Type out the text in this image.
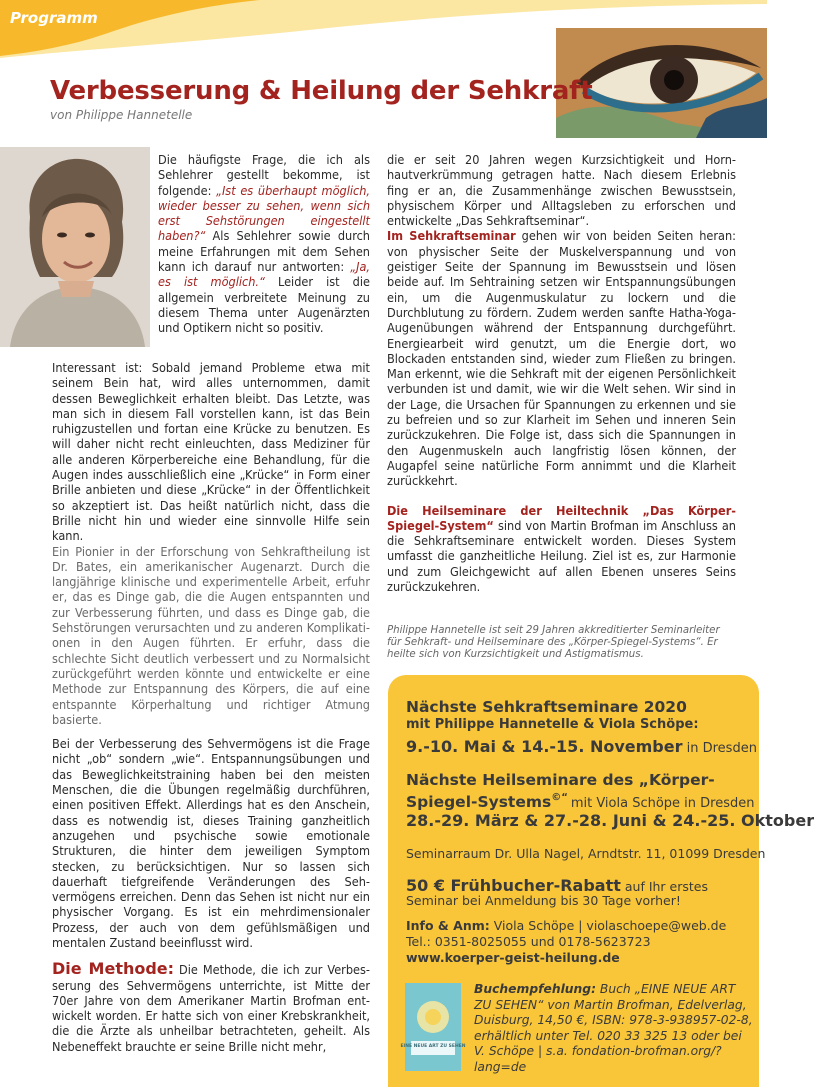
Programm
Verbesserung & Heilung der Sehkraft
von Philippe Hannetelle

Die häufigste Frage, die ich als Sehlehrer gestellt bekomme, ist folgende: „Ist es überhaupt möglich, wieder besser zu sehen, wenn sich erst Sehstörungen eingestellt haben?“ Als Sehlehrer sowie durch meine Erfahrungen mit dem Sehen kann ich darauf nur antworten: „Ja, es ist möglich.“ Leider ist die allgemein verbreitete Meinung zu diesem Thema unter Augenärzten und Optikern nicht so positiv.

Interessant ist: Sobald jemand Probleme etwa mit seinem Bein hat, wird alles unternommen, damit dessen Beweglichkeit erhalten bleibt. Das Letzte, was man sich in diesem Fall vorstellen kann, ist das Bein ruhigzustellen und fortan eine Krücke zu benutzen. Es will daher nicht recht einleuchten, dass Mediziner für alle anderen Körperbereiche eine Behandlung, für die Augen indes ausschließlich eine „Krücke“ in Form einer Brille anbieten und diese „Krücke“ in der Öffentlichkeit so akzeptiert ist. Das heißt natürlich nicht, dass die Brille nicht hin und wieder eine sinnvolle Hilfe sein kann.

Ein Pionier in der Erforschung von Sehkraftheilung ist Dr. Bates, ein amerikanischer Augenarzt. Durch die langjährige klinische und experimentelle Arbeit, erfuhr er, das es Dinge gab, die die Augen entspannten und zur Verbesserung führten, und dass es Dinge gab, die Sehstörungen verursachten und zu anderen Komplikationen in den Augen führten. Er erfuhr, dass die schlechte Sicht deutlich verbessert und zu Normalsicht zurückgeführt werden könnte und entwickelte er eine Methode zur Entspannung des Körpers, die auf eine entspannte Körperhaltung und richtiger Atmung basierte.

Bei der Verbesserung des Sehvermögens ist die Frage nicht „ob“ sondern „wie“. Entspannungsübungen und das Beweglichkeitstraining haben bei den meisten Menschen, die die Übungen regelmäßig durchführen, einen positiven Effekt. Allerdings hat es den Anschein, dass es notwendig ist, dieses Training ganzheitlich anzugehen und psychische sowie emotionale Strukturen, die hinter dem jeweiligen Symptom stecken, zu berücksichtigen. Nur so lassen sich dauerhaft tiefgreifende Veränderungen des Sehvermögens erreichen. Denn das Sehen ist nicht nur ein physischer Vorgang. Es ist ein mehrdimensionaler Prozess, der auch von dem gefühlsmäßigen und mentalen Zustand beeinflusst wird.

Die Methode: Die Methode, die ich zur Verbesserung des Sehvermögens unterrichte, ist Mitte der 70er Jahre von dem Amerikaner Martin Brofman entwickelt worden. Er hatte sich von einer Krebskrankheit, die die Ärzte als unheilbar betrachteten, geheilt. Als Nebeneffekt brauchte er seine Brille nicht mehr,

die er seit 20 Jahren wegen Kurzsichtigkeit und Hornhautverkrümmung getragen hatte. Nach diesem Erlebnis fing er an, die Zusammenhänge zwischen Bewusstsein, physischem Körper und Alltagsleben zu erforschen und entwickelte „Das Sehkraftseminar“.

Im Sehkraftseminar gehen wir von beiden Seiten heran: von physischer Seite der Muskelverspannung und von geistiger Seite der Spannung im Bewusstsein und lösen beide auf. Im Sehtraining setzen wir Entspannungsübungen ein, um die Augenmuskulatur zu lockern und die Durchblutung zu fördern. Zudem werden sanfte Hatha-Yoga-Augenübungen während der Entspannung durchgeführt. Energiearbeit wird genutzt, um die Energie dort, wo Blockaden entstanden sind, wieder zum Fließen zu bringen. Man erkennt, wie die Sehkraft mit der eigenen Persönlichkeit verbunden ist und damit, wie wir die Welt sehen. Wir sind in der Lage, die Ursachen für Spannungen zu erkennen und sie zu befreien und so zur Klarheit im Sehen und inneren Sein zurückzukehren. Die Folge ist, dass sich die Spannungen in den Augenmuskeln auch langfristig lösen können, der Augapfel seine natürliche Form annimmt und die Klarheit zurückkehrt.

Die Heilseminare der Heiltechnik „Das Körper-Spiegel-System“ sind von Martin Brofman im Anschluss an die Sehkraftseminare entwickelt worden. Dieses System umfasst die ganzheitliche Heilung. Ziel ist es, zur Harmonie und zum Gleichgewicht auf allen Ebenen unseres Seins zurückzukehren.

Philippe Hannetelle ist seit 29 Jahren akkreditierter Seminarleiter für Sehkraft- und Heilseminare des „Körper-Spiegel-Systems“. Er heilte sich von Kurzsichtigkeit und Astigmatismus.
Nächste Sehkraftseminare 2020
mit Philippe Hannetelle & Viola Schöpe:
9.-10. Mai & 14.-15. November in Dresden
Nächste Heilseminare des „Körper-
Spiegel-Systems©“ mit Viola Schöpe in Dresden
28.-29. März & 27.-28. Juni & 24.-25. Oktober
Seminarraum Dr. Ulla Nagel, Arndtstr. 11, 01099 Dresden
50 € Frühbucher-Rabatt auf Ihr erstes
Seminar bei Anmeldung bis 30 Tage vorher!
Info & Anm: Viola Schöpe | violaschoepe@web.de
Tel.: 0351-8025055 und 0178-5623723
www.koerper-geist-heilung.de
EINE NEUE ART ZU SEHEN
Buchempfehlung: Buch „EINE NEUE ART ZU SEHEN“ von Martin Brofman, Edelverlag, Duisburg, 14,50 €, ISBN: 978-3-938957-02-8, erhältlich unter Tel. 020 33 325 13 oder bei V. Schöpe | s.a. fondation-brofman.org/?lang=de
